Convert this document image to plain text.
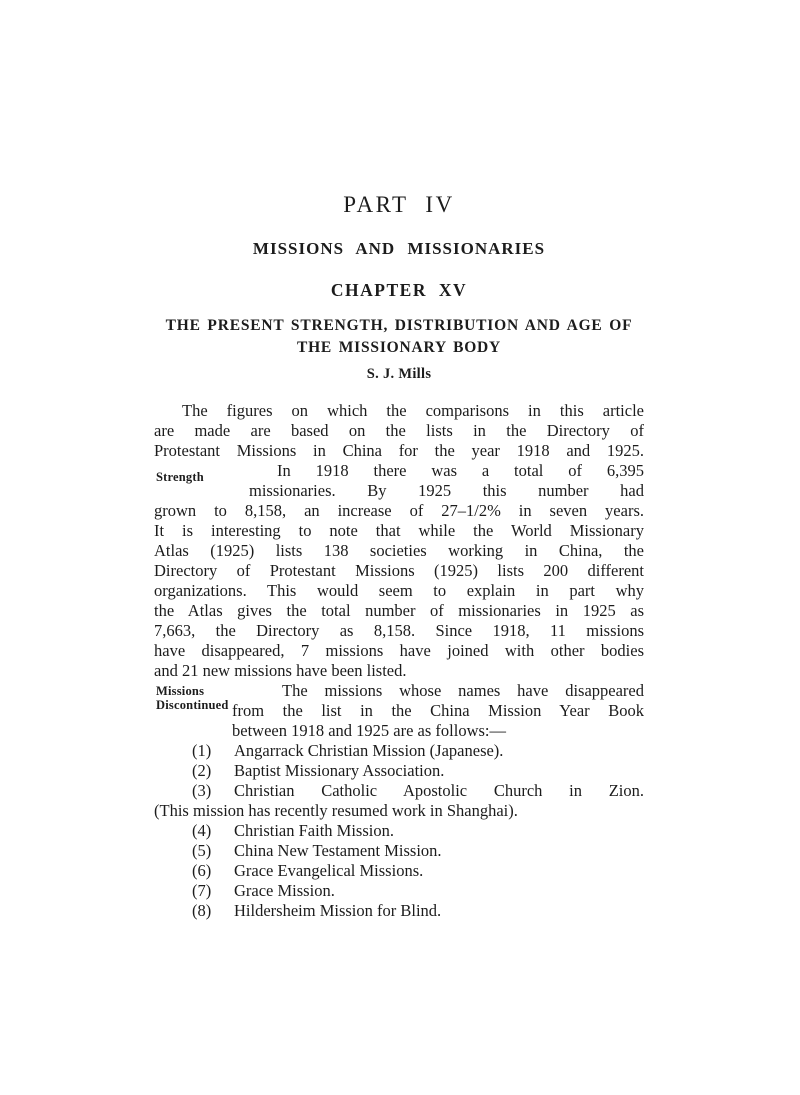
PART IV
MISSIONS AND MISSIONARIES
CHAPTER XV
THE PRESENT STRENGTH, DISTRIBUTION AND AGE OF
THE MISSIONARY BODY
S. J. Mills
Strength
Missions
Discontinued
The figures on which the comparisons in this article
are made are based on the lists in the Directory of
Protestant Missions in China for the year 1918 and 1925.
In 1918 there was a total of 6,395
missionaries. By 1925 this number had
grown to 8,158, an increase of 27–1/2% in seven years.
It is interesting to note that while the World Missionary
Atlas (1925) lists 138 societies working in China, the
Directory of Protestant Missions (1925) lists 200 different
organizations. This would seem to explain in part why
the Atlas gives the total number of missionaries in 1925 as
7,663, the Directory as 8,158. Since 1918, 11 missions
have disappeared, 7 missions have joined with other bodies
and 21 new missions have been listed.
The missions whose names have disappeared
from the list in the China Mission Year Book
between 1918 and 1925 are as follows:—
(1) Angarrack Christian Mission (Japanese).
(2) Baptist Missionary Association.
(3) Christian Catholic Apostolic Church in Zion.
(This mission has recently resumed work in Shanghai).
(4) Christian Faith Mission.
(5) China New Testament Mission.
(6) Grace Evangelical Missions.
(7) Grace Mission.
(8) Hildersheim Mission for Blind.
